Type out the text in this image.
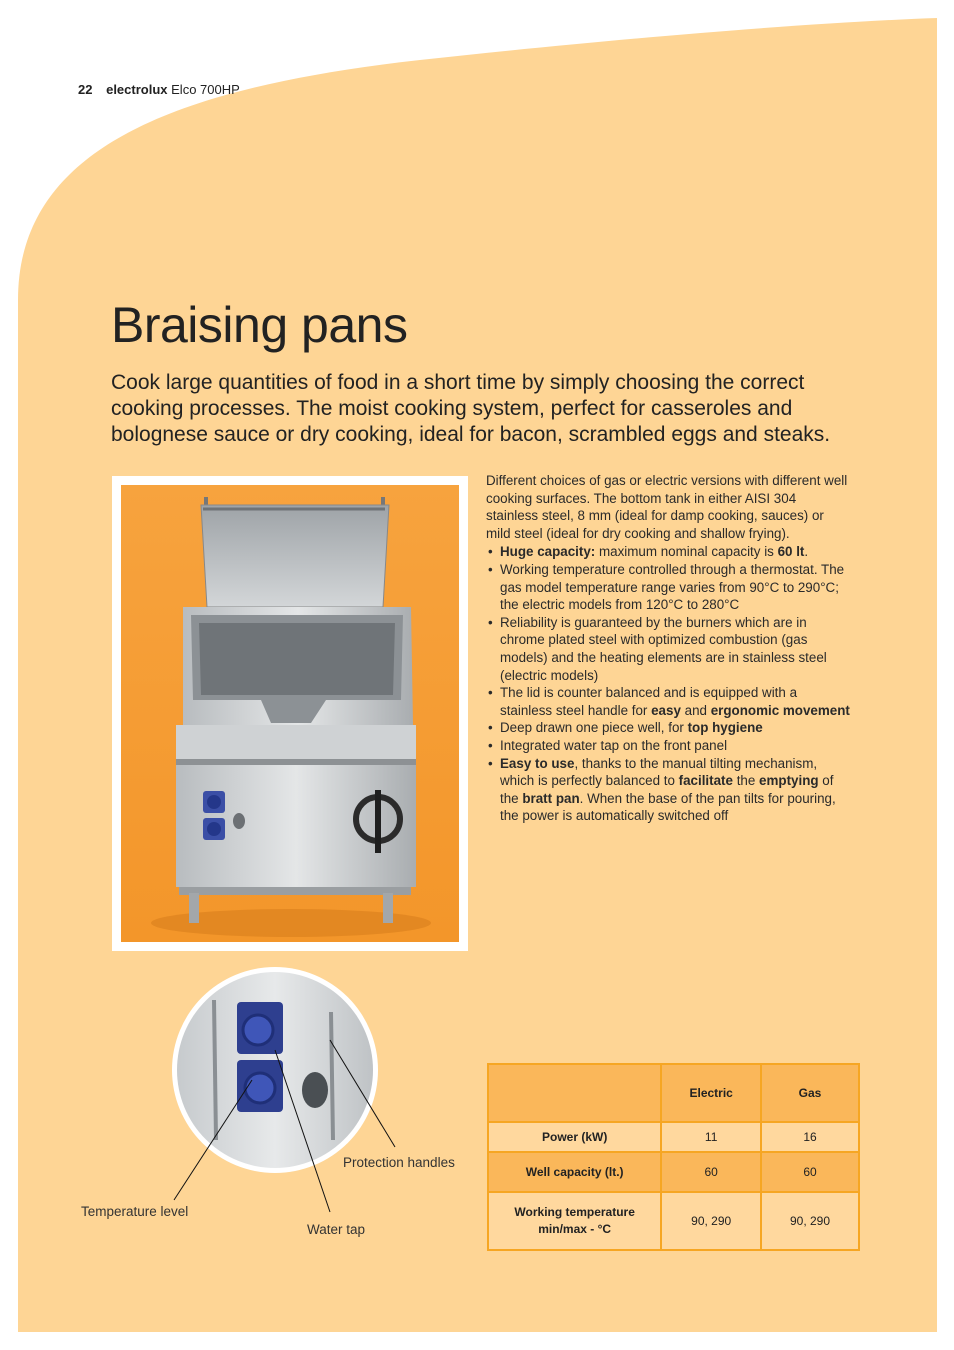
22 electrolux Elco 700HP
Braising pans

Cook large quantities of food in a short time by simply choosing the correct cooking processes. The moist cooking system, perfect for casseroles and bolognese sauce or dry cooking, ideal for bacon, scrambled eggs and steaks.

Different choices of gas or electric versions with different well cooking surfaces. The bottom tank in either AISI 304 stainless steel, 8 mm (ideal for damp cooking, sauces) or mild steel (ideal for dry cooking and shallow frying).

• Huge capacity: maximum nominal capacity is 60 lt.
• Working temperature controlled through a thermostat. The gas model temperature range varies from 90°C to 290°C; the electric models from 120°C to 280°C
• Reliability is guaranteed by the burners which are in chrome plated steel with optimized combustion (gas models) and the heating elements are in stainless steel (electric models)
• The lid is counter balanced and is equipped with a stainless steel handle for easy and ergonomic movement
• Deep drawn one piece well, for top hygiene
• Integrated water tap on the front panel
• Easy to use, thanks to the manual tilting mechanism, which is perfectly balanced to facilitate the emptying of the bratt pan. When the base of the pan tilts for pouring, the power is automatically switched off
Protection handles
Temperature level
Water tap
	Electric	Gas
Power (kW)	11	16
Well capacity (lt.)	60	60
Working temperature min/max - °C	90, 290	90, 290
